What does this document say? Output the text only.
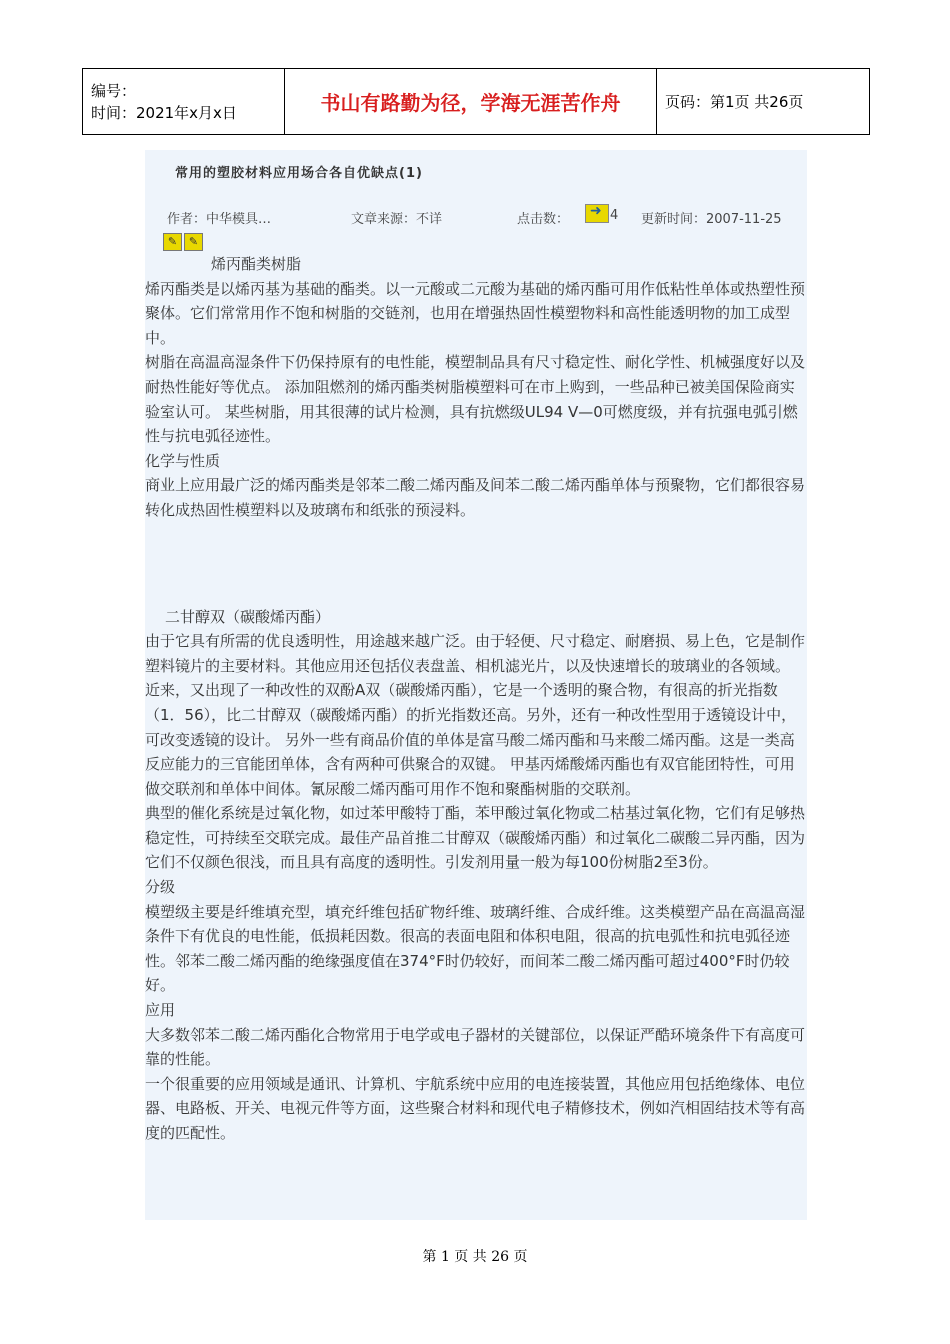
编号：
时间：2021年x月x日	书山有路勤为径，学海无涯苦作舟	页码：第1页 共26页
常用的塑胶材料应用场合各自优缺点(1)
作者：中华模具…	文章来源：不详	点击数：
➜	4 更新时间：2007-11-25
✎ ✎

烯丙酯类树脂

烯丙酯类是以烯丙基为基础的酯类。以一元酸或二元酸为基础的烯丙酯可用作低粘性单体或热塑性预聚体。它们常常用作不饱和树脂的交链剂，也用在增强热固性模塑物料和高性能透明物的加工成型中。

树脂在高温高湿条件下仍保持原有的电性能，模塑制品具有尺寸稳定性、耐化学性、机械强度好以及耐热性能好等优点。 添加阻燃剂的烯丙酯类树脂模塑料可在市上购到，一些品种已被美国保险商实验室认可。 某些树脂，用其很薄的试片检测，具有抗燃级UL94 V—0可燃度级，并有抗强电弧引燃性与抗电弧径迹性。

化学与性质

商业上应用最广泛的烯丙酯类是邻苯二酸二烯丙酯及间苯二酸二烯丙酯单体与预聚物，它们都很容易转化成热固性模塑料以及玻璃布和纸张的预浸料。

二甘醇双（碳酸烯丙酯）

由于它具有所需的优良透明性，用途越来越广泛。由于轻便、尺寸稳定、耐磨损、易上色，它是制作塑料镜片的主要材料。其他应用还包括仪表盘盖、相机滤光片，以及快速增长的玻璃业的各领域。

近来，又出现了一种改性的双酚A双（碳酸烯丙酯），它是一个透明的聚合物，有很高的折光指数（1．56），比二甘醇双（碳酸烯丙酯）的折光指数还高。另外，还有一种改性型用于透镜设计中，可改变透镜的设计。 另外一些有商品价值的单体是富马酸二烯丙酯和马来酸二烯丙酯。这是一类高反应能力的三官能团单体，含有两种可供聚合的双键。 甲基丙烯酸烯丙酯也有双官能团特性，可用做交联剂和单体中间体。氰尿酸二烯丙酯可用作不饱和聚酯树脂的交联剂。

典型的催化系统是过氧化物，如过苯甲酸特丁酯，苯甲酸过氧化物或二枯基过氧化物，它们有足够热稳定性，可持续至交联完成。最佳产品首推二甘醇双（碳酸烯丙酯）和过氧化二碳酸二异丙酯，因为它们不仅颜色很浅，而且具有高度的透明性。引发剂用量一般为每100份树脂2至3份。

分级

模塑级主要是纤维填充型，填充纤维包括矿物纤维、玻璃纤维、合成纤维。这类模塑产品在高温高湿条件下有优良的电性能，低损耗因数。很高的表面电阻和体积电阻，很高的抗电弧性和抗电弧径迹性。邻苯二酸二烯丙酯的绝缘强度值在374°F时仍较好，而间苯二酸二烯丙酯可超过400°F时仍较好。

应用

大多数邻苯二酸二烯丙酯化合物常用于电学或电子器材的关键部位，以保证严酷环境条件下有高度可靠的性能。

一个很重要的应用领域是通讯、计算机、宇航系统中应用的电连接装置，其他应用包括绝缘体、电位器、电路板、开关、电视元件等方面，这些聚合材料和现代电子精修技术，例如汽相固结技术等有高度的匹配性。

第 1 页 共 26 页
